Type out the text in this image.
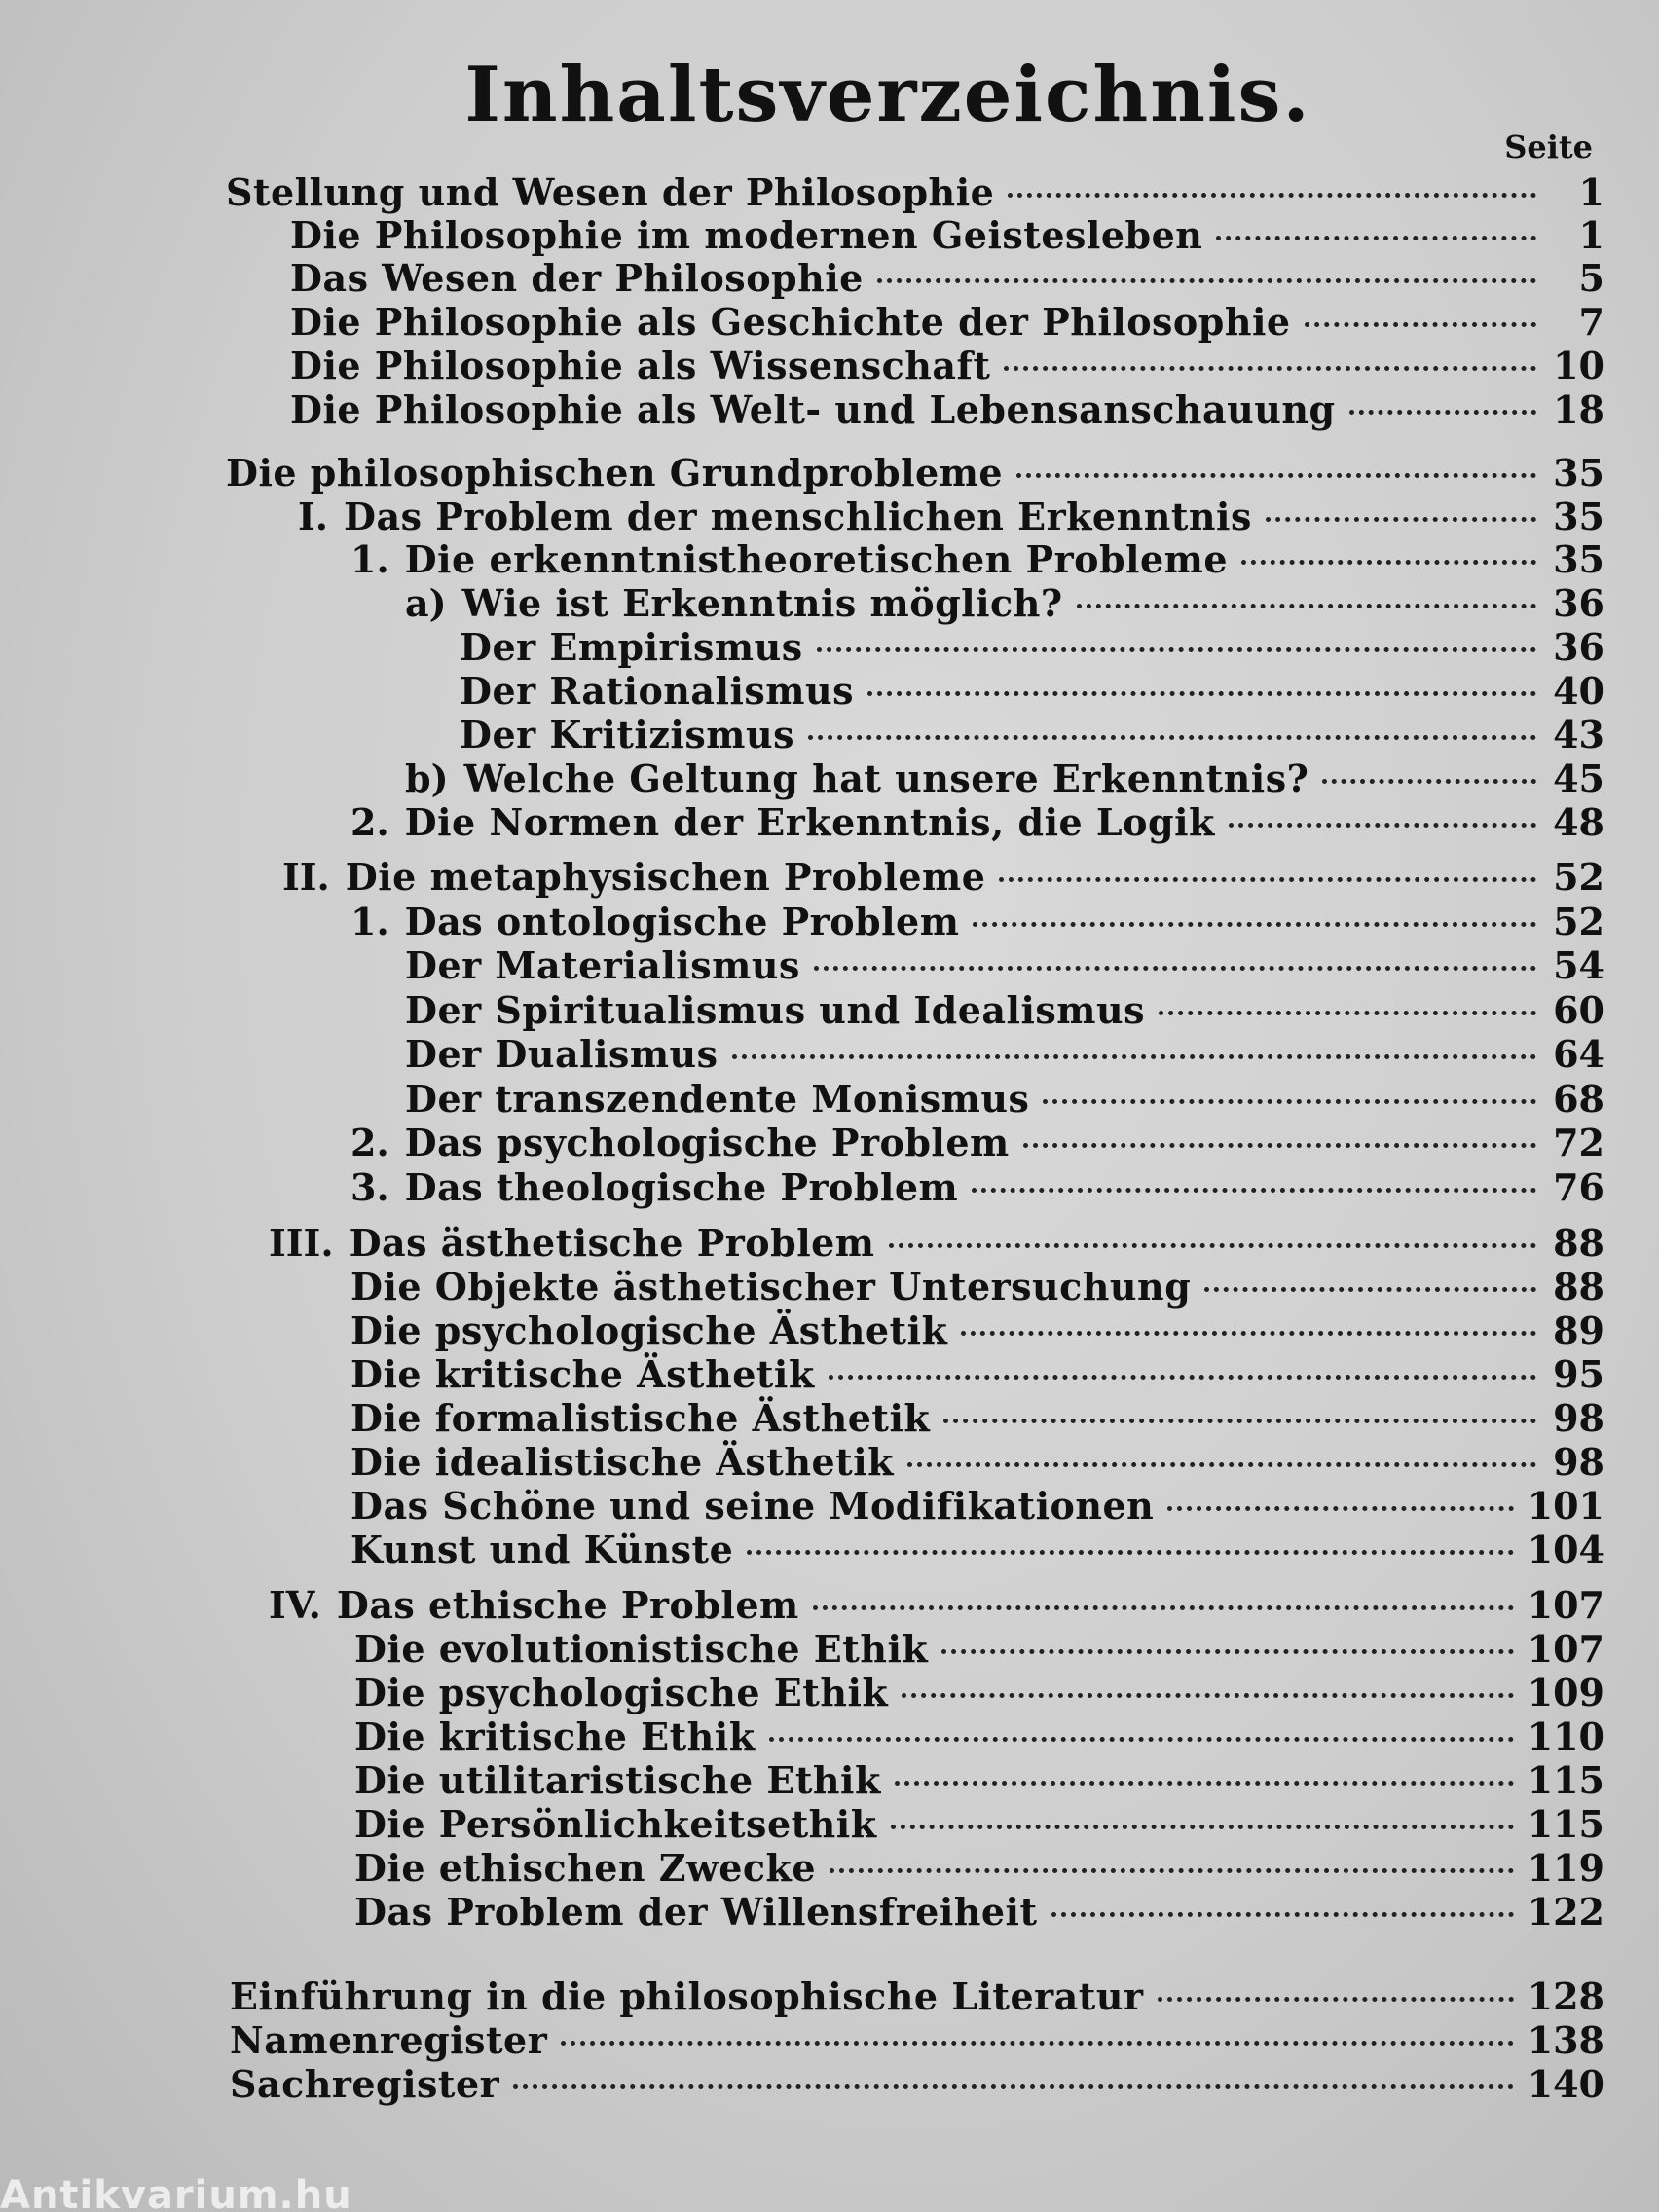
Inhaltsverzeichnis.
Seite
Stellung und Wesen der Philosophie	1
Die Philosophie im modernen Geistesleben	1
Das Wesen der Philosophie	5
Die Philosophie als Geschichte der Philosophie	7
Die Philosophie als Wissenschaft	10
Die Philosophie als Welt- und Lebensanschauung	18
Die philosophischen Grundprobleme	35
I. Das Problem der menschlichen Erkenntnis	35
1. Die erkenntnistheoretischen Probleme	35
a) Wie ist Erkenntnis möglich?	36
Der Empirismus	36
Der Rationalismus	40
Der Kritizismus	43
b) Welche Geltung hat unsere Erkenntnis?	45
2. Die Normen der Erkenntnis, die Logik	48
II. Die metaphysischen Probleme	52
1. Das ontologische Problem	52
Der Materialismus	54
Der Spiritualismus und Idealismus	60
Der Dualismus	64
Der transzendente Monismus	68
2. Das psychologische Problem	72
3. Das theologische Problem	76
III. Das ästhetische Problem	88
Die Objekte ästhetischer Untersuchung	88
Die psychologische Ästhetik	89
Die kritische Ästhetik	95
Die formalistische Ästhetik	98
Die idealistische Ästhetik	98
Das Schöne und seine Modifikationen	101
Kunst und Künste	104
IV. Das ethische Problem	107
Die evolutionistische Ethik	107
Die psychologische Ethik	109
Die kritische Ethik	110
Die utilitaristische Ethik	115
Die Persönlichkeitsethik	115
Die ethischen Zwecke	119
Das Problem der Willensfreiheit	122
Einführung in die philosophische Literatur	128
Namenregister	138
Sachregister	140
Antikvarium.hu
